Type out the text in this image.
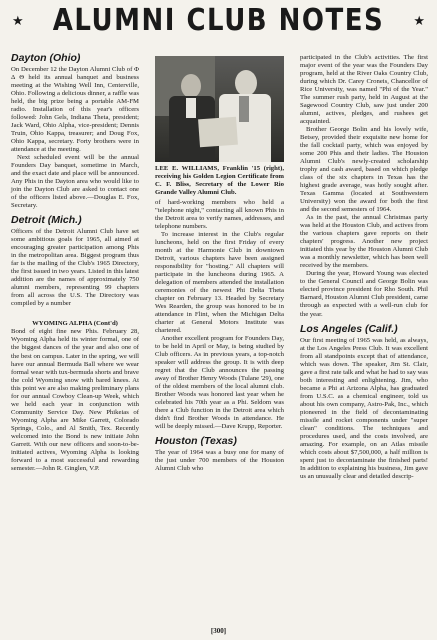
★	ALUMNI CLUB NOTES	★
Dayton (Ohio)

On December 12 the Dayton Alumni Club of Φ Δ Θ held its annual banquet and business meeting at the Wishing Well Inn, Centerville, Ohio. Following a delicious dinner, a raffle was held, the big prize being a portable AM-FM radio. Installation of this year's officers followed: John Gels, Indiana Theta, president; Jack Ward, Ohio Alpha, vice-president; Dennis Truin, Ohio Kappa, treasurer; and Doug Fox, Ohio Kappa, secretary. Forty brothers were in attendance at the meeting.

Next scheduled event will be the annual Founders Day banquet, sometime in March, and the exact date and place will be announced. Any Phis in the Dayton area who would like to join the Dayton Club are asked to contact one of the officers listed above.—Douglas E. Fox, Secretary.

Detroit (Mich.)

Officers of the Detroit Alumni Club have set some ambitious goals for 1965, all aimed at encouraging greater participation among Phis in the metropolitan area. Biggest program thus far is the mailing of the Club's 1965 Directory, the first issued in two years. Listed in this latest addition are the names of approximately 750 alumni members, representing 99 chapters from all across the U.S. The Directory was compiled by a number

WYOMING ALPHA (Cont'd)

Bond of eight fine new Phis. February 28, Wyoming Alpha held its winter formal, one of the biggest dances of the year and also one of the best on campus. Later in the spring, we will have our annual Bermuda Ball where we wear formal wear with tux-bermuda shorts and brave the cold Wyoming snow with bared knees. At this point we are also making preliminary plans for our annual Cowboy Clean-up Week, which we held each year in conjunction with Community Service Day. New Phikeias of Wyoming Alpha are Mike Garrett, Colorado Springs, Colo., and Al Smith, Tex. Recently welcomed into the Bond is new initiate John Garrett. With our new officers and soon-to-be-initiated actives, Wyoming Alpha is looking forward to a most successful and rewarding semester.—John R. Ginglen, V.P.

LEE E. WILLIAMS, Franklin '15 (right), receiving his Golden Legion Certificate from C. F. Bliss, Secretary of the Lower Rio Grande Valley Alumni Club.

of hard-working members who held a "telephone night," contacting all known Phis in the Detroit area to verify names, addresses, and telephone numbers.

To increase interest in the Club's regular luncheons, held on the first Friday of every month at the Harmonie Club in downtown Detroit, various chapters have been assigned responsibility for "hosting." All chapters will participate in the luncheons during 1965. A delegation of members attended the installation ceremonies of the newest Phi Delta Theta chapter on February 13. Headed by Secretary Wes Rearden, the group was honored to be in attendance in Flint, when the Michigan Delta charter at General Motors Institute was chartered.

Another excellent program for Founders Day, to be held in April or May, is being studied by Club officers. As in previous years, a top-notch speaker will address the group. It is with deep regret that the Club announces the passing away of Brother Henry Woods (Tulane '29), one of the oldest members of the local alumni club. Brother Woods was honored last year when he celebrated his 70th year as a Phi. Seldom was there a Club function in the Detroit area which didn't find Brother Woods in attendance. He will be deeply missed.—Dave Krupp, Reporter.

Houston (Texas)

The year of 1964 was a busy one for many of the just under 700 members of the Houston Alumni Club who

participated in the Club's activities. The first major event of the year was the Founders Day program, held at the River Oaks Country Club, during which Dr. Carey Croneis, Chancellor of Rice University, was named "Phi of the Year." The summer rush party, held in August at the Sagewood Country Club, saw just under 200 alumni, actives, pledges, and rushees get acquainted.

Brother George Bolin and his lovely wife, Betsey, provided their exquisite new home for the fall cocktail party, which was enjoyed by some 200 Phis and their ladies. The Houston Alumni Club's newly-created scholarship trophy and cash award, based on which pledge class of the six chapters in Texas has the highest grade average, was hotly sought after. Texas Gamma (located at Southwestern University) won the award for both the first and the second semesters of 1964.

As in the past, the annual Christmas party was held at the Houston Club, and actives from the various chapters gave reports on their chapters' progress. Another new project initiated this year by the Houston Alumni Club was a monthly newsletter, which has been well received by the members.

During the year, Howard Young was elected to the General Council and George Bolin was elected province president for Rho South. Phil Barnard, Houston Alumni Club president, came through as expected with a well-run club for the year.

Los Angeles (Calif.)

Our first meeting of 1965 was held, as always, at the Los Angeles Press Club. It was excellent from all standpoints except that of attendance, which was down. The speaker, Jim St. Clair, gave a first rate talk and what he had to say was both interesting and enlightening. Jim, who became a Phi at Arizona Alpha, has graduated from U.S.C. as a chemical engineer, told us about his own company, Astro-Pak, Inc., which pioneered in the field of decontaminating missile and rocket components under "super clean" conditions. The techniques and procedures used, and the costs involved, are amazing. For example, on an Atlas missile which costs about $7,500,000, a half million is spent just to decontaminate the finished parts! In addition to explaining his business, Jim gave us an unusually clear and detailed descrip-

[300]
